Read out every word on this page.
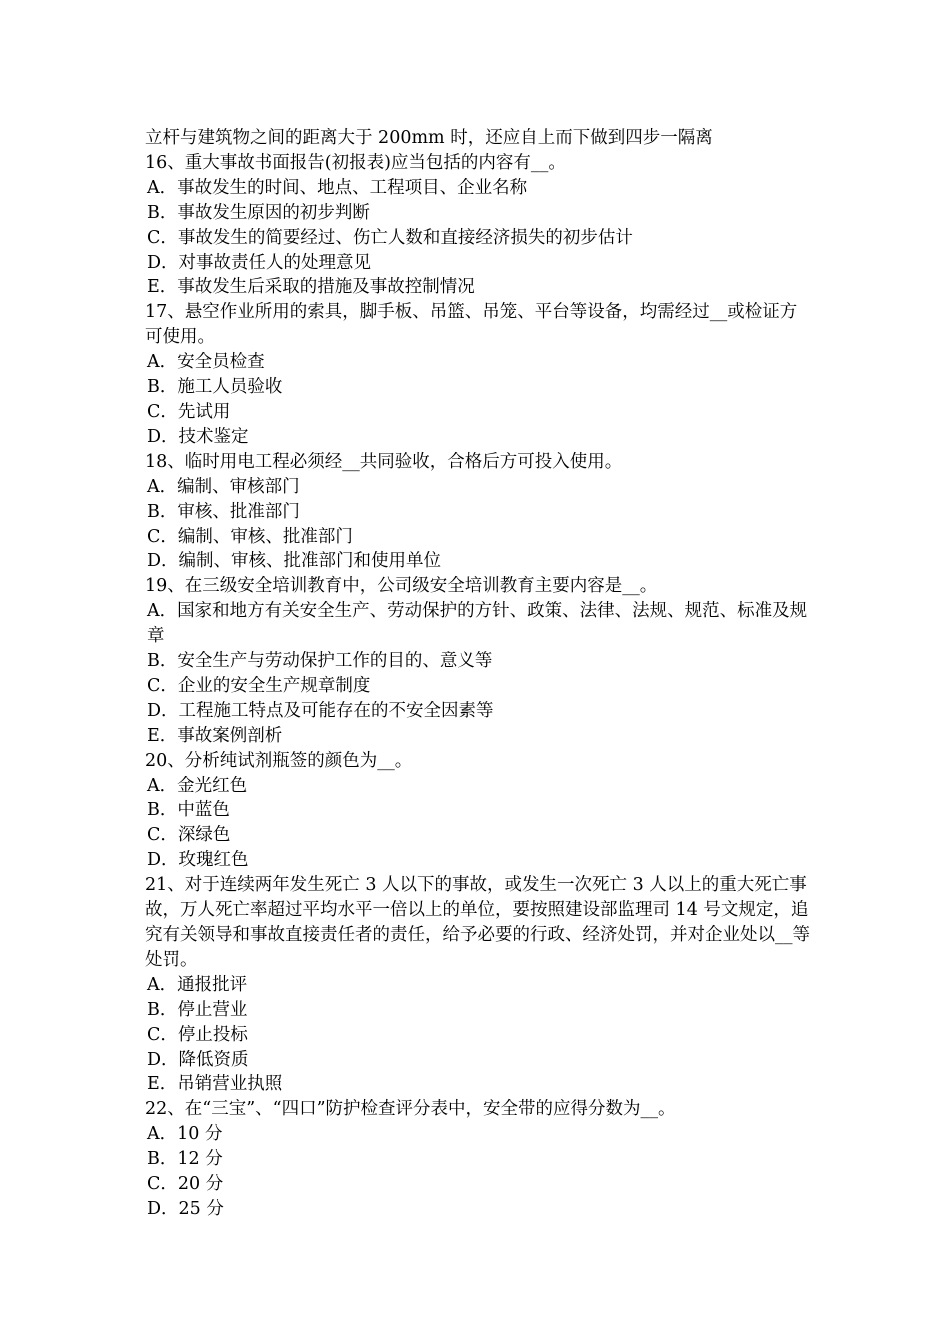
立杆与建筑物之间的距离大于 200mm 时，还应自上而下做到四步一隔离
16、重大事故书面报告(初报表)应当包括的内容有__。
A．事故发生的时间、地点、工程项目、企业名称
B．事故发生原因的初步判断
C．事故发生的简要经过、伤亡人数和直接经济损失的初步估计
D．对事故责任人的处理意见
E．事故发生后采取的措施及事故控制情况
17、悬空作业所用的索具，脚手板、吊篮、吊笼、平台等设备，均需经过__或检证方可使用。
A．安全员检查
B．施工人员验收
C．先试用
D．技术鉴定
18、临时用电工程必须经__共同验收，合格后方可投入使用。
A．编制、审核部门
B．审核、批准部门
C．编制、审核、批准部门
D．编制、审核、批准部门和使用单位
19、在三级安全培训教育中，公司级安全培训教育主要内容是__。
A．国家和地方有关安全生产、劳动保护的方针、政策、法律、法规、规范、标准及规章
B．安全生产与劳动保护工作的目的、意义等
C．企业的安全生产规章制度
D．工程施工特点及可能存在的不安全因素等
E．事故案例剖析
20、分析纯试剂瓶签的颜色为__。
A．金光红色
B．中蓝色
C．深绿色
D．玫瑰红色
21、对于连续两年发生死亡 3 人以下的事故，或发生一次死亡 3 人以上的重大死亡事故，万人死亡率超过平均水平一倍以上的单位，要按照建设部监理司 14 号文规定，追究有关领导和事故直接责任者的责任，给予必要的行政、经济处罚，并对企业处以__等处罚。
A．通报批评
B．停止营业
C．停止投标
D．降低资质
E．吊销营业执照
22、在“三宝”、“四口”防护检查评分表中，安全带的应得分数为__。
A．10 分
B．12 分
C．20 分
D．25 分
